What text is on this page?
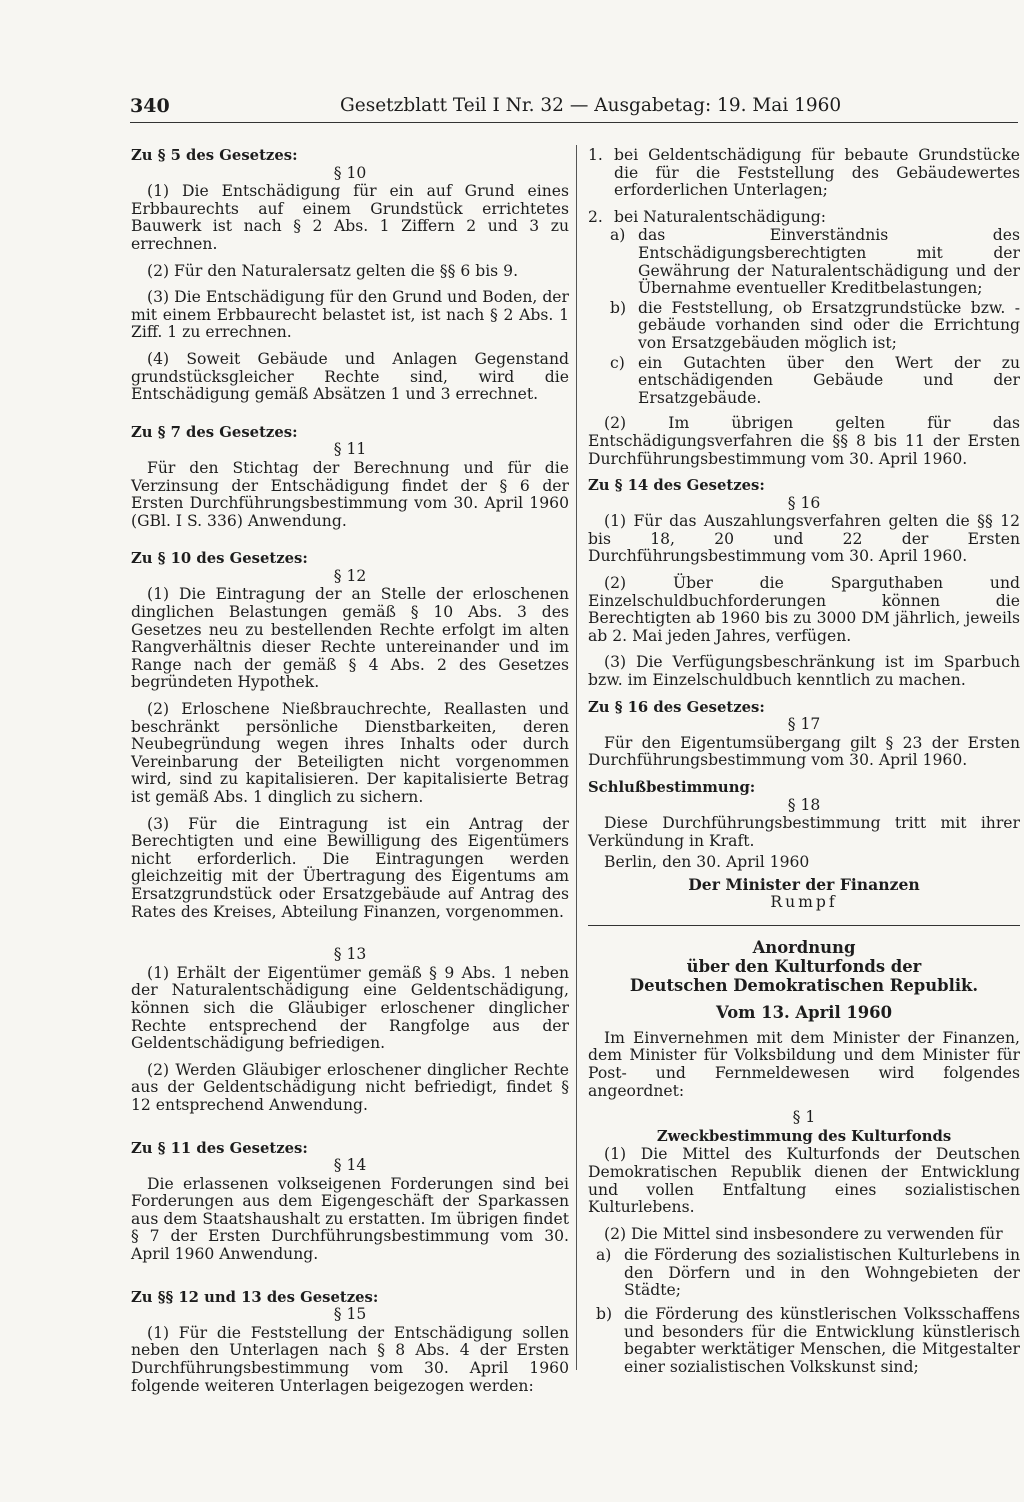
340	Gesetzblatt Teil I Nr. 32 — Ausgabetag: 19. Mai 1960
Zu § 5 des Gesetzes:
§ 10

(1) Die Entschädigung für ein auf Grund eines Erbbaurechts auf einem Grundstück errichtetes Bauwerk ist nach § 2 Abs. 1 Ziffern 2 und 3 zu errechnen.

(2) Für den Naturalersatz gelten die §§ 6 bis 9.

(3) Die Entschädigung für den Grund und Boden, der mit einem Erbbaurecht belastet ist, ist nach § 2 Abs. 1 Ziff. 1 zu errechnen.

(4) Soweit Gebäude und Anlagen Gegenstand grundstücksgleicher Rechte sind, wird die Entschädigung gemäß Absätzen 1 und 3 errechnet.

Zu § 7 des Gesetzes:
§ 11

Für den Stichtag der Berechnung und für die Verzinsung der Entschädigung findet der § 6 der Ersten Durchführungsbestimmung vom 30. April 1960 (GBl. I S. 336) Anwendung.

Zu § 10 des Gesetzes:
§ 12

(1) Die Eintragung der an Stelle der erloschenen dinglichen Belastungen gemäß § 10 Abs. 3 des Gesetzes neu zu bestellenden Rechte erfolgt im alten Rangverhältnis dieser Rechte untereinander und im Range nach der gemäß § 4 Abs. 2 des Gesetzes begründeten Hypothek.

(2) Erloschene Nießbrauchrechte, Reallasten und beschränkt persönliche Dienstbarkeiten, deren Neubegründung wegen ihres Inhalts oder durch Vereinbarung der Beteiligten nicht vorgenommen wird, sind zu kapitalisieren. Der kapitalisierte Betrag ist gemäß Abs. 1 dinglich zu sichern.

(3) Für die Eintragung ist ein Antrag der Berechtigten und eine Bewilligung des Eigentümers nicht erforderlich. Die Eintragungen werden gleichzeitig mit der Übertragung des Eigentums am Ersatzgrundstück oder Ersatzgebäude auf Antrag des Rates des Kreises, Abteilung Finanzen, vorgenommen.

§ 13

(1) Erhält der Eigentümer gemäß § 9 Abs. 1 neben der Naturalentschädigung eine Geldentschädigung, können sich die Gläubiger erloschener dinglicher Rechte entsprechend der Rangfolge aus der Geldentschädigung befriedigen.

(2) Werden Gläubiger erloschener dinglicher Rechte aus der Geldentschädigung nicht befriedigt, findet § 12 entsprechend Anwendung.

Zu § 11 des Gesetzes:
§ 14

Die erlassenen volkseigenen Forderungen sind bei Forderungen aus dem Eigengeschäft der Sparkassen aus dem Staatshaushalt zu erstatten. Im übrigen findet § 7 der Ersten Durchführungsbestimmung vom 30. April 1960 Anwendung.

Zu §§ 12 und 13 des Gesetzes:
§ 15

(1) Für die Feststellung der Entschädigung sollen neben den Unterlagen nach § 8 Abs. 4 der Ersten Durchführungsbestimmung vom 30. April 1960 folgende weiteren Unterlagen beigezogen werden:

1. bei Geldentschädigung für bebaute Grundstücke die für die Feststellung des Gebäudewertes erforderlichen Unterlagen;
2. bei Naturalentschädigung:
a) das Einverständnis des Entschädigungsberechtigten mit der Gewährung der Naturalentschädigung und der Übernahme eventueller Kreditbelastungen;
b) die Feststellung, ob Ersatzgrundstücke bzw. -gebäude vorhanden sind oder die Errichtung von Ersatzgebäuden möglich ist;
c) ein Gutachten über den Wert der zu entschädigenden Gebäude und der Ersatzgebäude.

(2) Im übrigen gelten für das Entschädigungsverfahren die §§ 8 bis 11 der Ersten Durchführungsbestimmung vom 30. April 1960.

Zu § 14 des Gesetzes:
§ 16

(1) Für das Auszahlungsverfahren gelten die §§ 12 bis 18, 20 und 22 der Ersten Durchführungsbestimmung vom 30. April 1960.

(2) Über die Sparguthaben und Einzelschuldbuchforderungen können die Berechtigten ab 1960 bis zu 3000 DM jährlich, jeweils ab 2. Mai jeden Jahres, verfügen.

(3) Die Verfügungsbeschränkung ist im Sparbuch bzw. im Einzelschuldbuch kenntlich zu machen.

Zu § 16 des Gesetzes:
§ 17

Für den Eigentumsübergang gilt § 23 der Ersten Durchführungsbestimmung vom 30. April 1960.

Schlußbestimmung:
§ 18

Diese Durchführungsbestimmung tritt mit ihrer Verkündung in Kraft.

Berlin, den 30. April 1960

Der Minister der Finanzen
Rumpf
Anordnung
über den Kulturfonds der
Deutschen Demokratischen Republik.
Vom 13. April 1960

Im Einvernehmen mit dem Minister der Finanzen, dem Minister für Volksbildung und dem Minister für Post- und Fernmeldewesen wird folgendes angeordnet:

§ 1
Zweckbestimmung des Kulturfonds

(1) Die Mittel des Kulturfonds der Deutschen Demokratischen Republik dienen der Entwicklung und vollen Entfaltung eines sozialistischen Kulturlebens.

(2) Die Mittel sind insbesondere zu verwenden für

a) die Förderung des sozialistischen Kulturlebens in den Dörfern und in den Wohngebieten der Städte;
b) die Förderung des künstlerischen Volksschaffens und besonders für die Entwicklung künstlerisch begabter werktätiger Menschen, die Mitgestalter einer sozialistischen Volkskunst sind;
